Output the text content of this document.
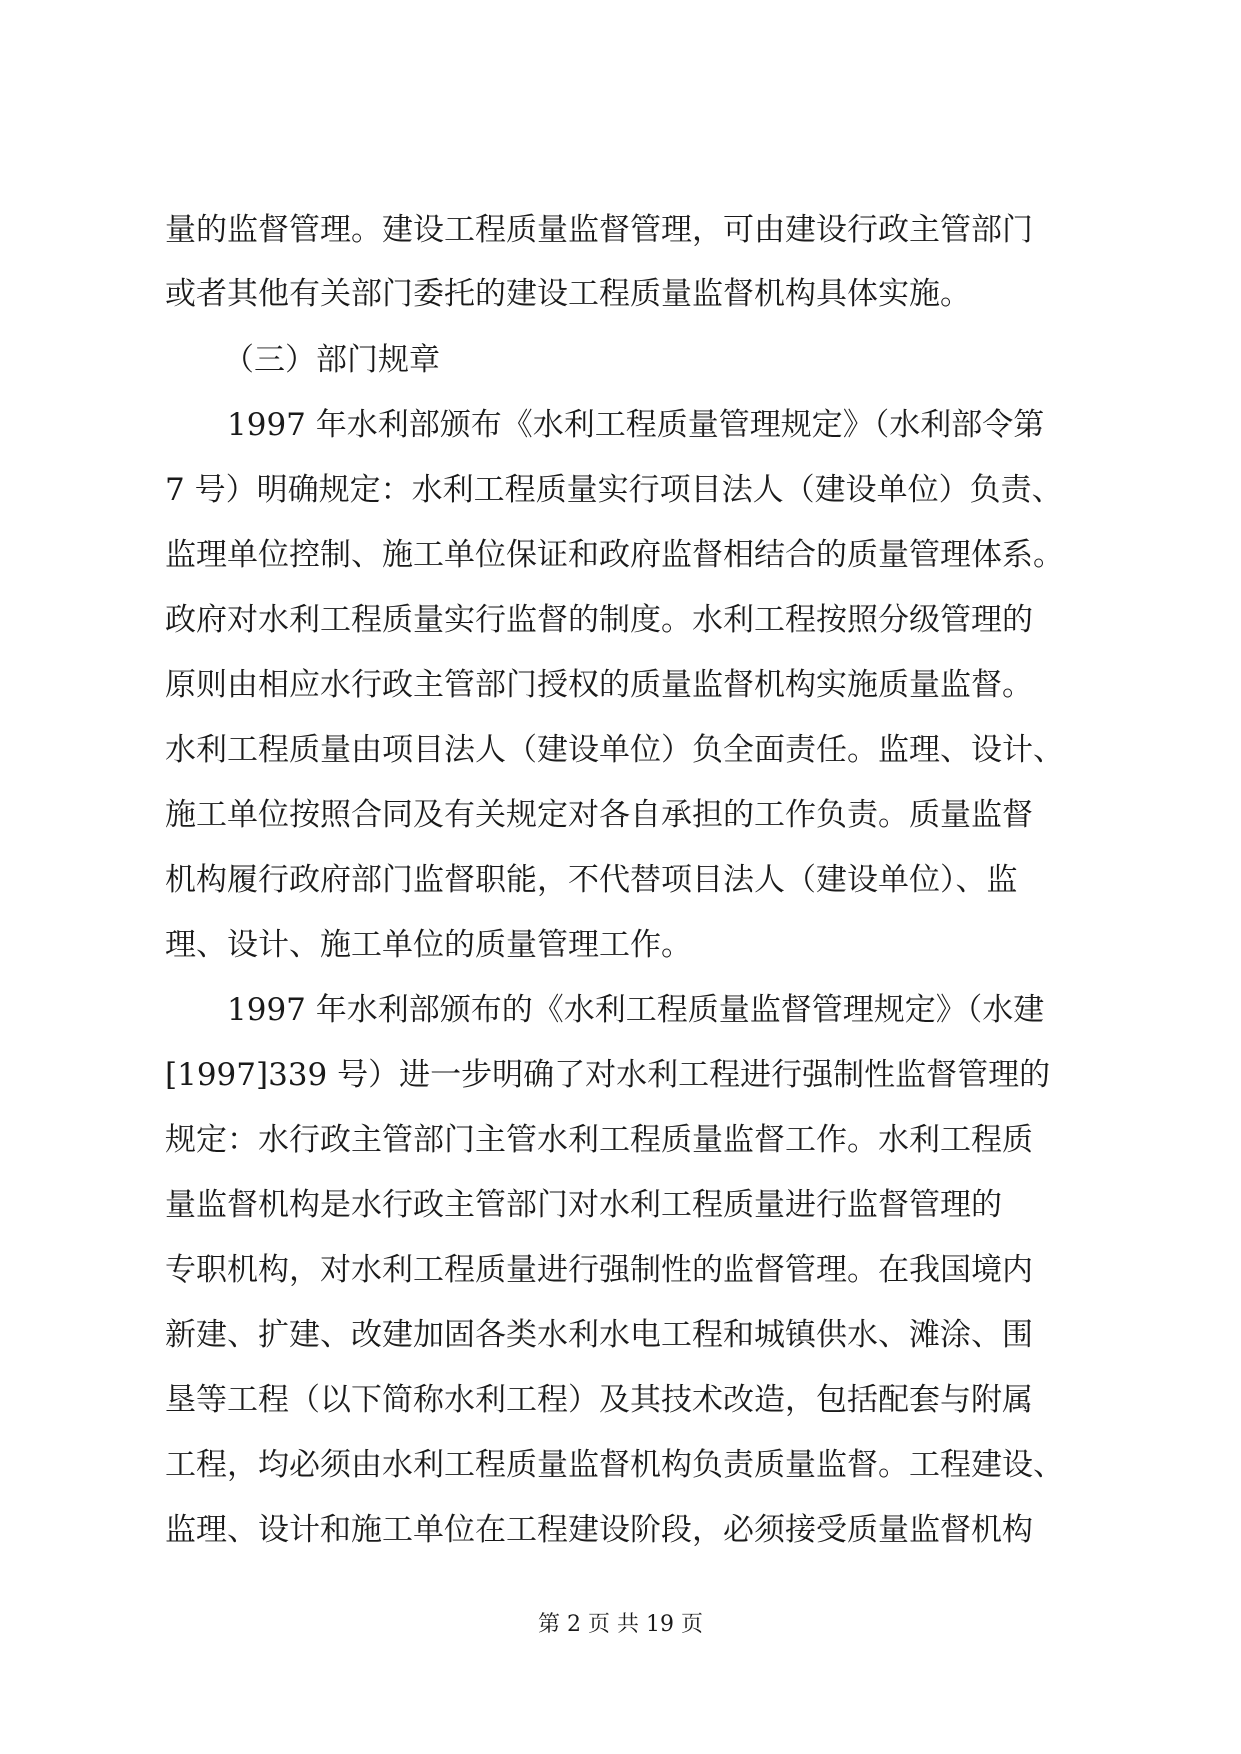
量的监督管理。建设工程质量监督管理，可由建设行政主管部门
或者其他有关部门委托的建设工程质量监督机构具体实施。
（三）部门规章
1997 年水利部颁布《水利工程质量管理规定》（水利部令第
7 号）明确规定：水利工程质量实行项目法人（建设单位）负责、
监理单位控制、施工单位保证和政府监督相结合的质量管理体系。
政府对水利工程质量实行监督的制度。水利工程按照分级管理的
原则由相应水行政主管部门授权的质量监督机构实施质量监督。
水利工程质量由项目法人（建设单位）负全面责任。监理、设计、
施工单位按照合同及有关规定对各自承担的工作负责。质量监督
机构履行政府部门监督职能，不代替项目法人（建设单位）、监
理、设计、施工单位的质量管理工作。
1997 年水利部颁布的《水利工程质量监督管理规定》（水建
[1997]339 号）进一步明确了对水利工程进行强制性监督管理的
规定：水行政主管部门主管水利工程质量监督工作。水利工程质
量监督机构是水行政主管部门对水利工程质量进行监督管理的
专职机构，对水利工程质量进行强制性的监督管理。在我国境内
新建、扩建、改建加固各类水利水电工程和城镇供水、滩涂、围
垦等工程（以下简称水利工程）及其技术改造，包括配套与附属
工程，均必须由水利工程质量监督机构负责质量监督。工程建设、
监理、设计和施工单位在工程建设阶段，必须接受质量监督机构
第 2 页 共 19 页
